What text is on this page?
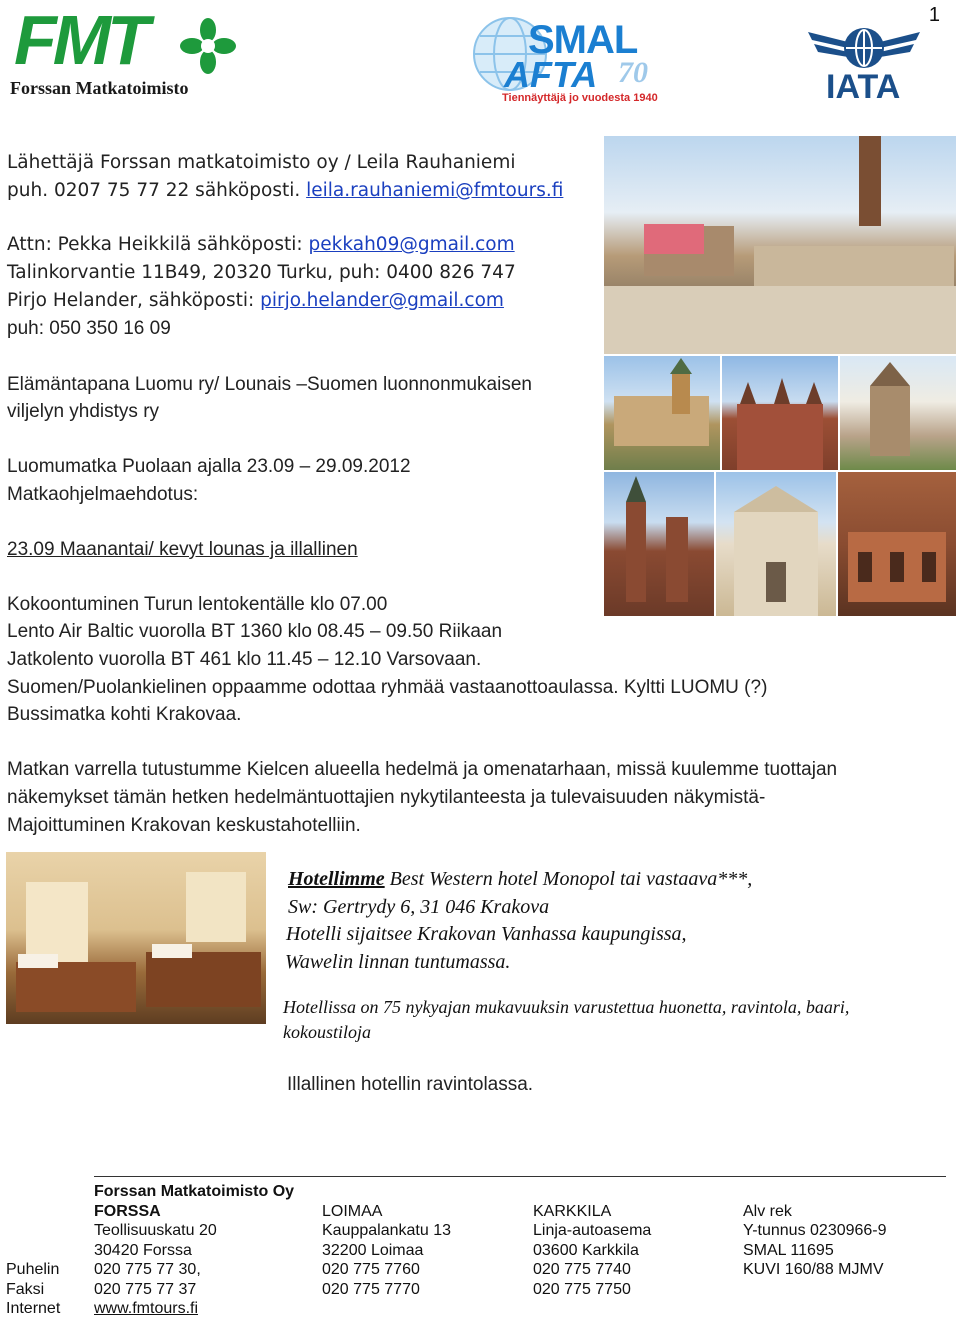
1
FMT
Forssan Matkatoimisto
SMAL
AFTA 70
Tiennäyttäjä jo vuodesta 1940	IATA
Lähettäjä Forssan matkatoimisto oy / Leila Rauhaniemi
puh. 0207 75 77 22 sähköposti. leila.rauhaniemi@fmtours.fi
Attn: Pekka Heikkilä sähköposti: pekkah09@gmail.com
Talinkorvantie 11B49, 20320 Turku, puh: 0400 826 747
Pirjo Helander, sähköposti: pirjo.helander@gmail.com
puh: 050 350 16 09
Elämäntapana Luomu ry/ Lounais –Suomen luonnonmukaisen
viljelyn yhdistys ry
Luomumatka Puolaan ajalla 23.09 – 29.09.2012
Matkaohjelmaehdotus:
23.09 Maanantai/ kevyt lounas ja illallinen
Kokoontuminen Turun lentokentälle klo 07.00
Lento Air Baltic vuorolla BT 1360 klo 08.45 – 09.50 Riikaan
Jatkolento vuorolla BT 461 klo 11.45 – 12.10 Varsovaan.
Suomen/Puolankielinen oppaamme odottaa ryhmää vastaanottoaulassa. Kyltti LUOMU (?)
Bussimatka kohti Krakovaa.
Matkan varrella tutustumme Kielcen alueella hedelmä ja omenatarhaan, missä kuulemme tuottajan
näkemykset tämän hetken hedelmäntuottajien nykytilanteesta ja tulevaisuuden näkymistä-
Majoittuminen Krakovan keskustahotelliin.
Hotellimme Best Western hotel Monopol tai vastaava***,
Sw: Gertrydy 6, 31 046 Krakova
Hotelli sijaitsee Krakovan Vanhassa kaupungissa,
Wawelin linnan tuntumassa.
Hotellissa on 75 nykyajan mukavuuksin varustettua huonetta, ravintola, baari,
kokoustiloja
Illallinen hotellin ravintolassa.
Forssan Matkatoimisto Oy
FORSSA
Teollisuuskatu 20
30420 Forssa
020 775 77 30,
020 775 77 37
www.fmtours.fi
Puhelin
Faksi
Internet
LOIMAA
Kauppalankatu 13
32200 Loimaa
020 775 7760
020 775 7770
KARKKILA
Linja-autoasema
03600 Karkkila
020 775 7740
020 775 7750
Alv rek
Y-tunnus 0230966-9
SMAL 11695
KUVI 160/88 MJMV
